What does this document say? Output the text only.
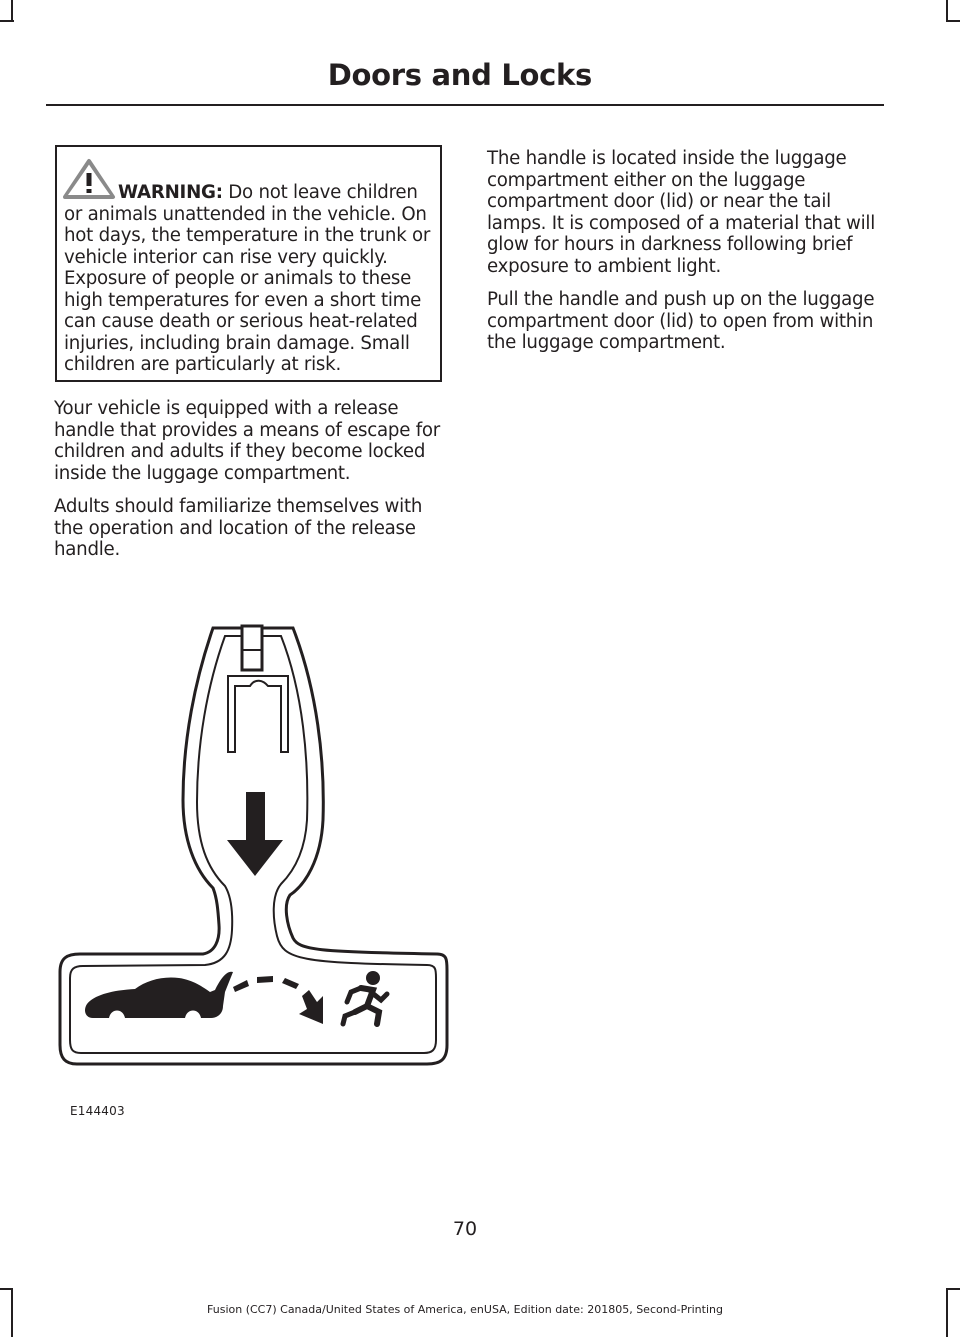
Doors and Locks
WARNING: Do not leave children or animals unattended in the vehicle. On hot days, the temperature in the trunk or vehicle interior can rise very quickly. Exposure of people or animals to these high temperatures for even a short time can cause death or serious heat-related injuries, including brain damage. Small children are particularly at risk.

Your vehicle is equipped with a release handle that provides a means of escape for children and adults if they become locked inside the luggage compartment.

Adults should familiarize themselves with the operation and location of the release handle.

The handle is located inside the luggage compartment either on the luggage compartment door (lid) or near the tail lamps. It is composed of a material that will glow for hours in darkness following brief exposure to ambient light.

Pull the handle and push up on the luggage compartment door (lid) to open from within the luggage compartment.

E144403
70
Fusion (CC7) Canada/United States of America, enUSA, Edition date: 201805, Second-Printing
